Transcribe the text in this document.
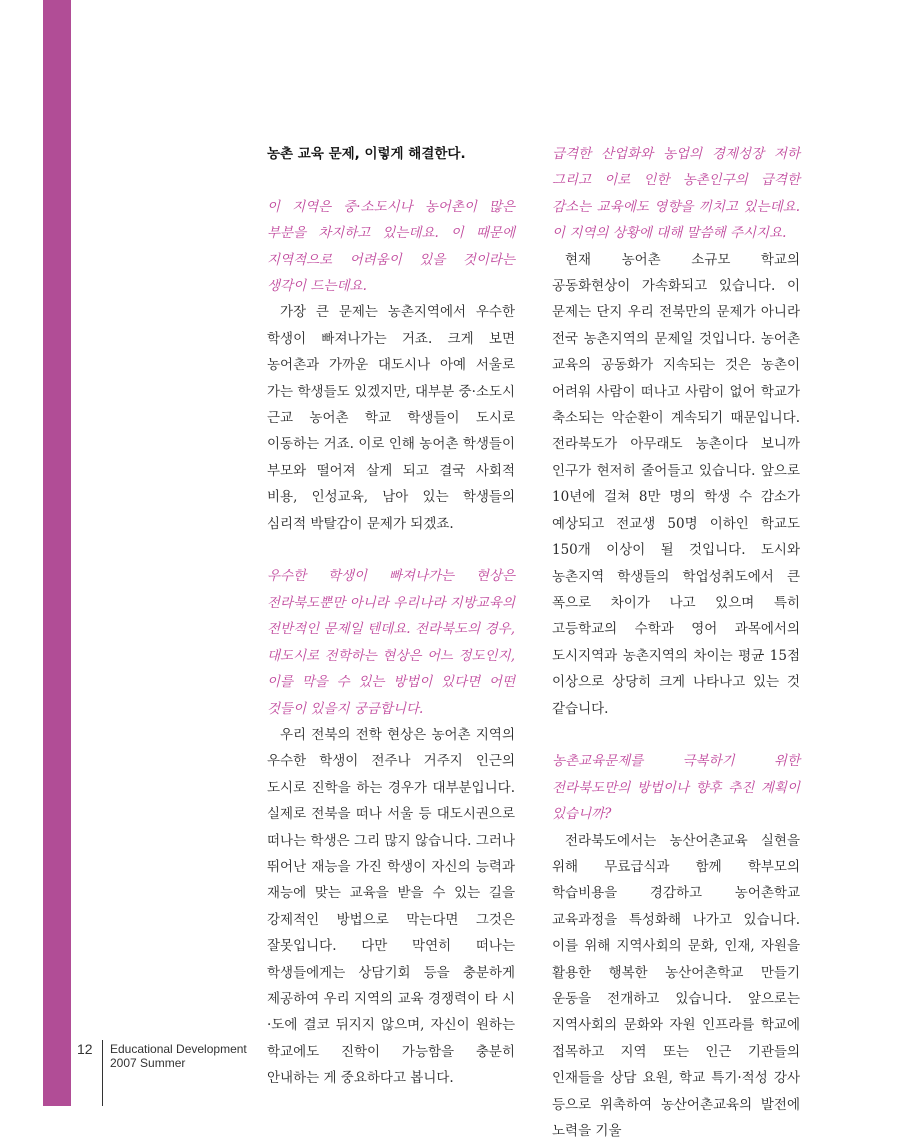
농촌 교육 문제, 이렇게 해결한다.

이 지역은 중·소도시나 농어촌이 많은 부분을 차지하고 있는데요. 이 때문에 지역적으로 어려움이 있을 것이라는 생각이 드는데요.

가장 큰 문제는 농촌지역에서 우수한 학생이 빠져나가는 거죠. 크게 보면 농어촌과 가까운 대도시나 아예 서울로 가는 학생들도 있겠지만, 대부분 중·소도시 근교 농어촌 학교 학생들이 도시로 이동하는 거죠. 이로 인해 농어촌 학생들이 부모와 떨어져 살게 되고 결국 사회적 비용, 인성교육, 남아 있는 학생들의 심리적 박탈감이 문제가 되겠죠.

우수한 학생이 빠져나가는 현상은 전라북도뿐만 아니라 우리나라 지방교육의 전반적인 문제일 텐데요. 전라북도의 경우, 대도시로 전학하는 현상은 어느 정도인지, 이를 막을 수 있는 방법이 있다면 어떤 것들이 있을지 궁금합니다.

우리 전북의 전학 현상은 농어촌 지역의 우수한 학생이 전주나 거주지 인근의 도시로 진학을 하는 경우가 대부분입니다. 실제로 전북을 떠나 서울 등 대도시권으로 떠나는 학생은 그리 많지 않습니다. 그러나 뛰어난 재능을 가진 학생이 자신의 능력과 재능에 맞는 교육을 받을 수 있는 길을 강제적인 방법으로 막는다면 그것은 잘못입니다. 다만 막연히 떠나는 학생들에게는 상담기회 등을 충분하게 제공하여 우리 지역의 교육 경쟁력이 타 시·도에 결코 뒤지지 않으며, 자신이 원하는 학교에도 진학이 가능함을 충분히 안내하는 게 중요하다고 봅니다.

급격한 산업화와 농업의 경제성장 저하 그리고 이로 인한 농촌인구의 급격한 감소는 교육에도 영향을 끼치고 있는데요. 이 지역의 상황에 대해 말씀해 주시지요.

현재 농어촌 소규모 학교의 공동화현상이 가속화되고 있습니다. 이 문제는 단지 우리 전북만의 문제가 아니라 전국 농촌지역의 문제일 것입니다. 농어촌 교육의 공동화가 지속되는 것은 농촌이 어려워 사람이 떠나고 사람이 없어 학교가 축소되는 악순환이 계속되기 때문입니다. 전라북도가 아무래도 농촌이다 보니까 인구가 현저히 줄어들고 있습니다. 앞으로 10년에 걸쳐 8만 명의 학생 수 감소가 예상되고 전교생 50명 이하인 학교도 150개 이상이 될 것입니다. 도시와 농촌지역 학생들의 학업성취도에서 큰 폭으로 차이가 나고 있으며 특히 고등학교의 수학과 영어 과목에서의 도시지역과 농촌지역의 차이는 평균 15점 이상으로 상당히 크게 나타나고 있는 것 같습니다.

농촌교육문제를 극복하기 위한 전라북도만의 방법이나 향후 추진 계획이 있습니까?

전라북도에서는 농산어촌교육 실현을 위해 무료급식과 함께 학부모의 학습비용을 경감하고 농어촌학교 교육과정을 특성화해 나가고 있습니다. 이를 위해 지역사회의 문화, 인재, 자원을 활용한 행복한 농산어촌학교 만들기 운동을 전개하고 있습니다. 앞으로는 지역사회의 문화와 자원 인프라를 학교에 접목하고 지역 또는 인근 기관들의 인재들을 상담 요원, 학교 특기·적성 강사 등으로 위촉하여 농산어촌교육의 발전에 노력을 기울

12 Educational Development
2007 Summer
